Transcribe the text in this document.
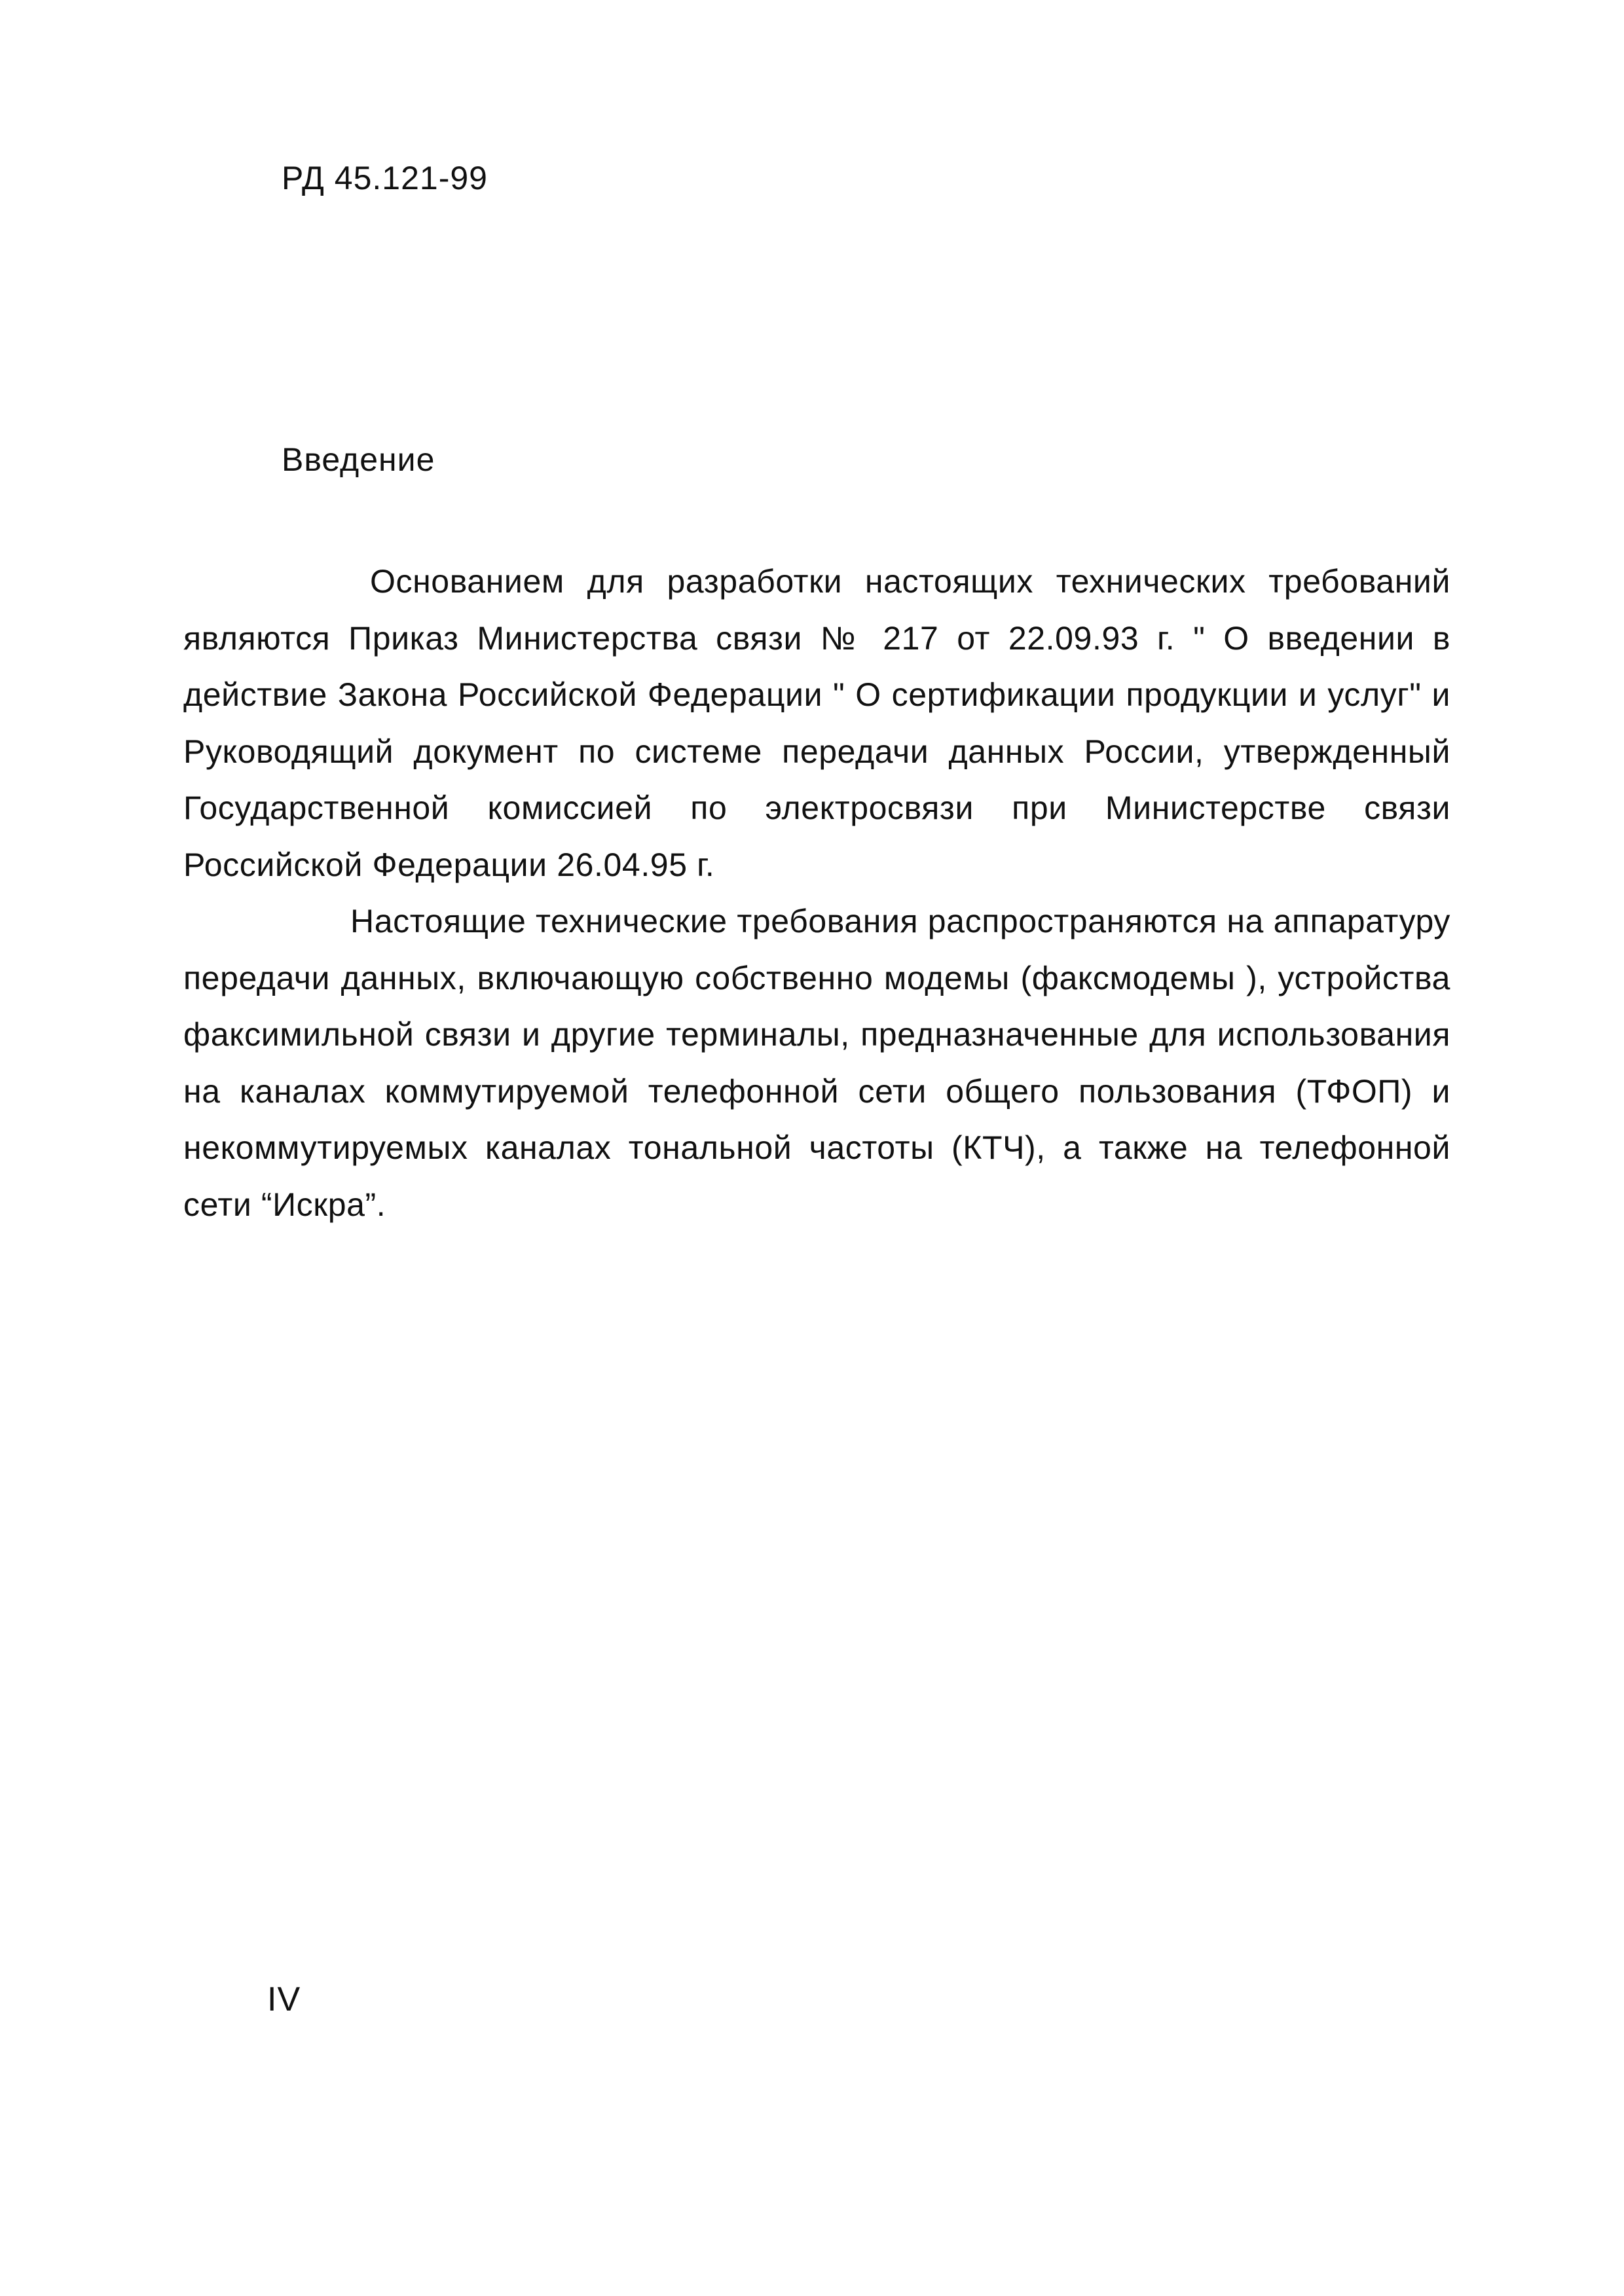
РД 45.121-99
Введение

Основанием для разработки настоящих технических требований являются Приказ Министерства связи № 217 от 22.09.93 г. " О введении в действие Закона Российской Федерации " О сертификации продукции и услуг" и Руководящий документ по системе передачи данных России, утвержденный Государственной комиссией по электросвязи при Министерстве связи Российской Федерации 26.04.95 г.

Настоящие технические требования распространяются на аппаратуру передачи данных, включающую собственно модемы (факсмодемы ), устройства факсимильной связи и другие терминалы, предназначенные для использования на каналах коммутируемой телефонной сети общего пользования (ТФОП) и некоммутируемых каналах тональной частоты (КТЧ), а также на телефонной сети “Искра”.

IV
